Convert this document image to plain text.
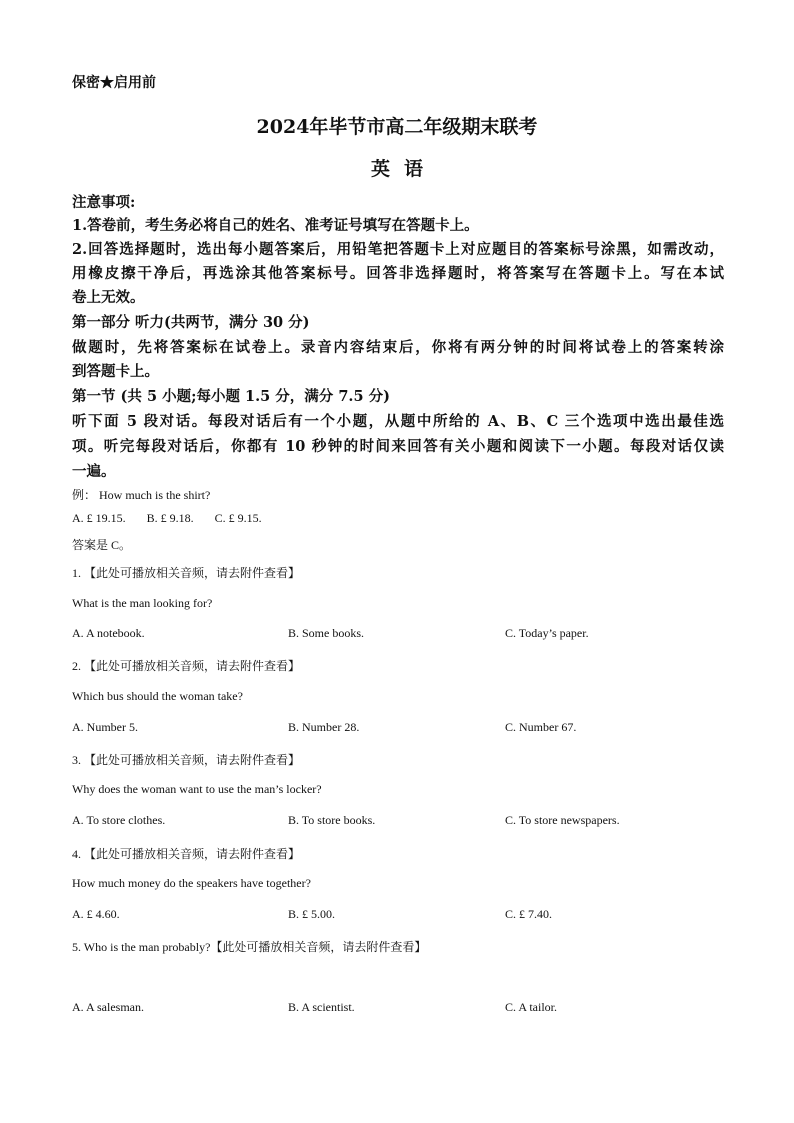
保密★启用前
2024年毕节市高二年级期末联考
英语
注意事项:
1.答卷前，考生务必将自己的姓名、准考证号填写在答题卡上。
2.回答选择题时，选出每小题答案后，用铅笔把答题卡上对应题目的答案标号涂黑，如需改动，
用橡皮擦干净后，再选涂其他答案标号。回答非选择题时，将答案写在答题卡上。写在本试
卷上无效。
第一部分 听力(共两节，满分 30 分)
做题时，先将答案标在试卷上。录音内容结束后，你将有两分钟的时间将试卷上的答案转涂
到答题卡上。
第一节 (共 5 小题;每小题 1.5 分，满分 7.5 分)
听下面 5 段对话。每段对话后有一个小题，从题中所给的 A、B、C 三个选项中选出最佳选
项。听完每段对话后，你都有 10 秒钟的时间来回答有关小题和阅读下一小题。每段对话仅读
一遍。
例： How much is the shirt?
A. £ 19.15.       B. £ 9.18.       C. £ 9.15.
答案是 C。
1. 【此处可播放相关音频，请去附件查看】
What is the man looking for?
A. A notebook.	B. Some books.	C. Today’s paper.
2. 【此处可播放相关音频，请去附件查看】
Which bus should the woman take?
A. Number 5.	B. Number 28.	C. Number 67.
3. 【此处可播放相关音频，请去附件查看】
Why does the woman want to use the man’s locker?
A. To store clothes.	B. To store books.	C. To store newspapers.
4. 【此处可播放相关音频，请去附件查看】
How much money do the speakers have together?
A. £ 4.60.	B. £ 5.00.	C. £ 7.40.
5. Who is the man probably?【此处可播放相关音频，请去附件查看】
A. A salesman.	B. A scientist.	C. A tailor.
